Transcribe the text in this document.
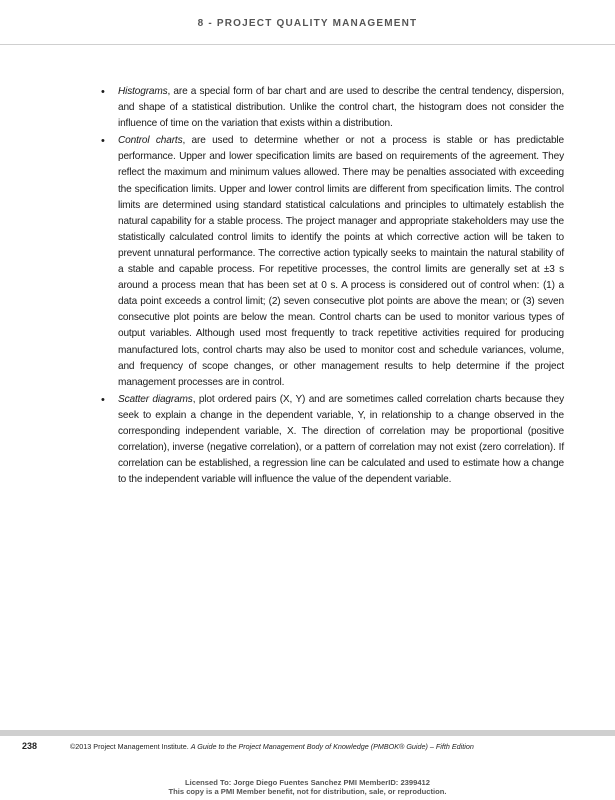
8 - PROJECT QUALITY MANAGEMENT
• Histograms, are a special form of bar chart and are used to describe the central tendency, dispersion, and shape of a statistical distribution. Unlike the control chart, the histogram does not consider the influence of time on the variation that exists within a distribution.
• Control charts, are used to determine whether or not a process is stable or has predictable performance. Upper and lower specification limits are based on requirements of the agreement. They reflect the maximum and minimum values allowed. There may be penalties associated with exceeding the specification limits. Upper and lower control limits are different from specification limits. The control limits are determined using standard statistical calculations and principles to ultimately establish the natural capability for a stable process. The project manager and appropriate stakeholders may use the statistically calculated control limits to identify the points at which corrective action will be taken to prevent unnatural performance. The corrective action typically seeks to maintain the natural stability of a stable and capable process. For repetitive processes, the control limits are generally set at ±3 s around a process mean that has been set at 0 s. A process is considered out of control when: (1) a data point exceeds a control limit; (2) seven consecutive plot points are above the mean; or (3) seven consecutive plot points are below the mean. Control charts can be used to monitor various types of output variables. Although used most frequently to track repetitive activities required for producing manufactured lots, control charts may also be used to monitor cost and schedule variances, volume, and frequency of scope changes, or other management results to help determine if the project management processes are in control.
• Scatter diagrams, plot ordered pairs (X, Y) and are sometimes called correlation charts because they seek to explain a change in the dependent variable, Y, in relationship to a change observed in the corresponding independent variable, X. The direction of correlation may be proportional (positive correlation), inverse (negative correlation), or a pattern of correlation may not exist (zero correlation). If correlation can be established, a regression line can be calculated and used to estimate how a change to the independent variable will influence the value of the dependent variable.
238	©2013 Project Management Institute. A Guide to the Project Management Body of Knowledge (PMBOK® Guide) – Fifth Edition
Licensed To: Jorge Diego Fuentes Sanchez PMI MemberID: 2399412
This copy is a PMI Member benefit, not for distribution, sale, or reproduction.
